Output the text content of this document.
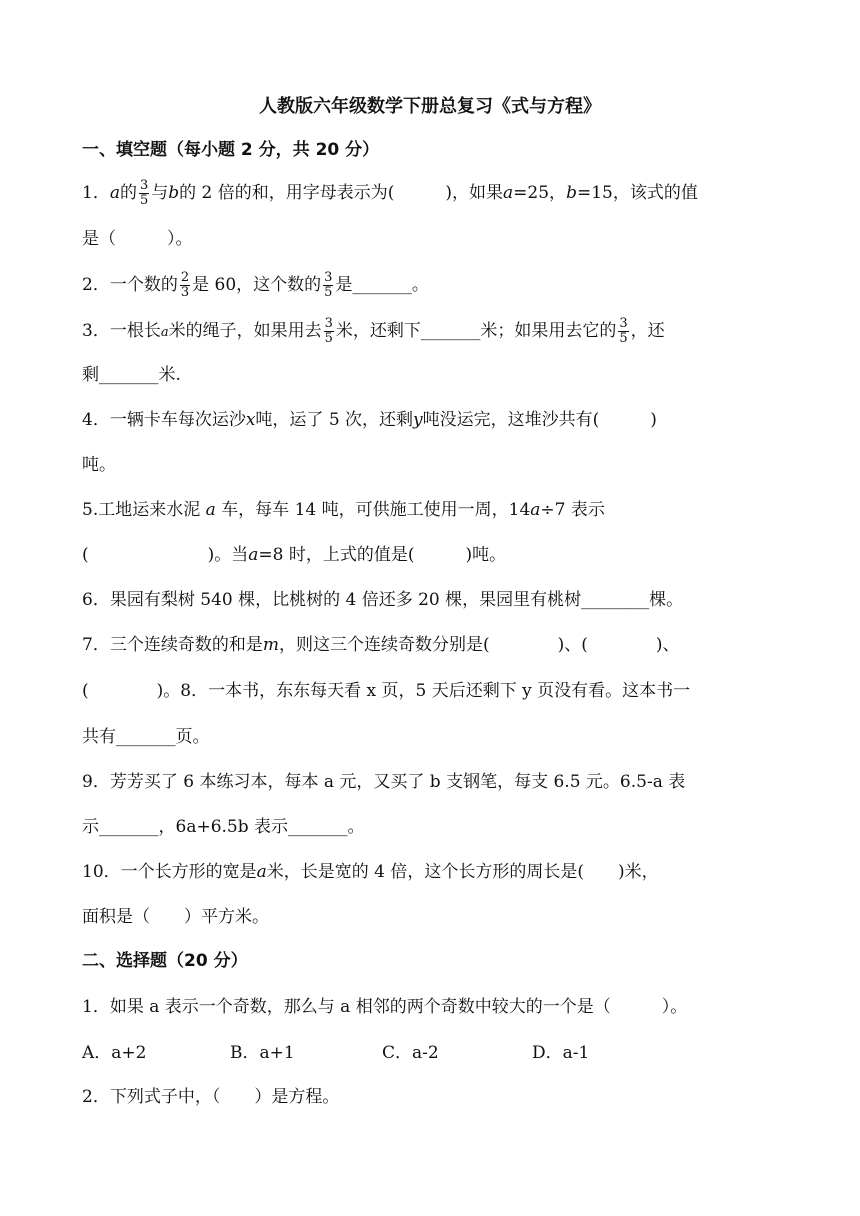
人教版六年级数学下册总复习《式与方程》
一、填空题（每小题 2 分，共 20 分）
1．a的 $\frac{3}{5}$ 与b的 2 倍的和，用字母表示为(　　　)，如果a=25，b=15，该式的值
是（　　　）。
2．一个数的 $\frac{2}{3}$ 是 60，这个数的 $\frac{3}{5}$ 是_______。
3．一根长a米的绳子，如果用去 $\frac{3}{5}$ 米，还剩下_______米；如果用去它的 $\frac{3}{5}$ ，还
剩_______米.
4．一辆卡车每次运沙x吨，运了 5 次，还剩y吨没运完，这堆沙共有(　　　)
吨。
5.工地运来水泥 a 车，每车 14 吨，可供施工使用一周，14a÷7 表示
(　　　　　　　)。当a=8 时，上式的值是(　　　)吨。
6．果园有梨树 540 棵，比桃树的 4 倍还多 20 棵，果园里有桃树________棵。
7．三个连续奇数的和是m，则这三个连续奇数分别是(　　　　)、(　　　　)、
(　　　　)。8．一本书，东东每天看 x 页，5 天后还剩下 y 页没有看。这本书一
共有_______页。
9．芳芳买了 6 本练习本，每本 a 元，又买了 b 支钢笔，每支 6.5 元。6.5-a 表
示_______，6a+6.5b 表示_______。
10．一个长方形的宽是a米，长是宽的 4 倍，这个长方形的周长是(　　)米，
面积是（　　）平方米。
二、选择题（20 分）
1．如果 a 表示一个奇数，那么与 a 相邻的两个奇数中较大的一个是（　　　）。
A．a+2	B．a+1	C．a-2	D．a-1
2．下列式子中，（　　）是方程。
